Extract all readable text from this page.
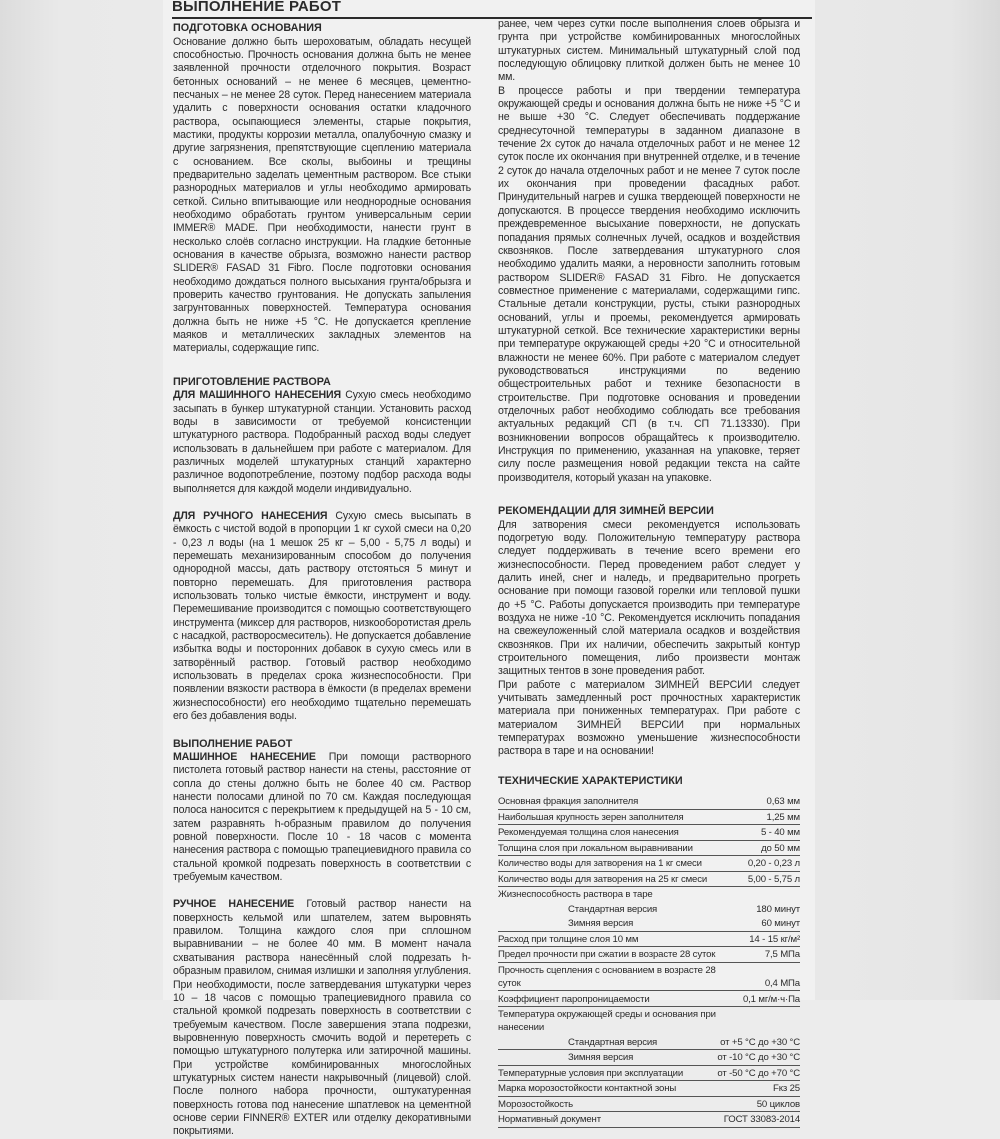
ВЫПОЛНЕНИЕ РАБОТ

ПОДГОТОВКА ОСНОВАНИЯ

Основание должно быть шероховатым, обладать несущей способностью. Прочность основания должна быть не менее заявленной прочности отделочного покрытия. Возраст бетонных оснований – не менее 6 месяцев, цементно-песчаных – не менее 28 суток. Перед нанесением материала удалить с поверхности основания остатки кладочного раствора, осыпающиеся элементы, старые покрытия, мастики, продукты коррозии металла, опалубочную смазку и другие загрязнения, препятствующие сцеплению материала с основанием. Все сколы, выбоины и трещины предварительно заделать цементным раствором. Все стыки разнородных материалов и углы необходимо армировать сеткой. Сильно впитывающие или неоднородные основания необходимо обработать грунтом универсальным серии IMMER® MADE. При необходимости, нанести грунт в несколько слоёв согласно инструкции. На гладкие бетонные основания в качестве обрызга, возможно нанести раствор SLIDER® FASAD 31 Fibro. После подготовки основания необходимо дождаться полного высыхания грунта/обрызга и проверить качество грунтования. Не допускать запыления загрунтованных поверхностей. Температура основания должна быть не ниже +5 °C. Не допускается крепление маяков и металлических закладных элементов на материалы, содержащие гипс.

ПРИГОТОВЛЕНИЕ РАСТВОРА

ДЛЯ МАШИННОГО НАНЕСЕНИЯ Сухую смесь необходимо засыпать в бункер штукатурной станции. Установить расход воды в зависимости от требуемой консистенции штукатурного раствора. Подобранный расход воды следует использовать в дальнейшем при работе с материалом. Для различных моделей штукатурных станций характерно различное водопотребление, поэтому подбор расхода воды выполняется для каждой модели индивидуально.

ДЛЯ РУЧНОГО НАНЕСЕНИЯ Сухую смесь высыпать в ёмкость с чистой водой в пропорции 1 кг сухой смеси на 0,20 - 0,23 л воды (на 1 мешок 25 кг – 5,00 - 5,75 л воды) и перемешать механизированным способом до получения однородной массы, дать раствору отстояться 5 минут и повторно перемешать. Для приготовления раствора использовать только чистые ёмкости, инструмент и воду. Перемешивание производится с помощью соответствующего инструмента (миксер для растворов, низкооборотистая дрель с насадкой, растворосмеситель). Не допускается добавление избытка воды и посторонних добавок в сухую смесь или в затворённый раствор. Готовый раствор необходимо использовать в пределах срока жизнеспособности. При появлении вязкости раствора в ёмкости (в пределах времени жизнеспособности) его необходимо тщательно перемешать его без добавления воды.

ВЫПОЛНЕНИЕ РАБОТ

МАШИННОЕ НАНЕСЕНИЕ При помощи растворного пистолета готовый раствор нанести на стены, расстояние от сопла до стены должно быть не более 40 см. Раствор нанести полосами длиной по 70 см. Каждая последующая полоса наносится с перекрытием к предыдущей на 5 - 10 см, затем разравнять h-образным правилом до получения ровной поверхности. После 10 - 18 часов с момента нанесения раствора с помощью трапециевидного правила со стальной кромкой подрезать поверхность в соответствии с требуемым качеством.

РУЧНОЕ НАНЕСЕНИЕ Готовый раствор нанести на поверхность кельмой или шпателем, затем выровнять правилом. Толщина каждого слоя при сплошном выравнивании – не более 40 мм. В момент начала схватывания раствора нанесённый слой подрезать h-образным правилом, снимая излишки и заполняя углубления. При необходимости, после затвердевания штукатурки через 10 – 18 часов с помощью трапециевидного правила со стальной кромкой подрезать поверхность в соответствии с требуемым качеством. После завершения этапа подрезки, выровненную поверхность смочить водой и перетереть с помощью штукатурного полутерка или затирочной машины. При устройстве комбинированных многослойных штукатурных систем нанести накрывочный (лицевой) слой. После полного набора прочности, оштукатуренная поверхность готова под нанесение шпатлевок на цементной основе серии FINNER® EXTER или отделку декоративными покрытиями.

ранее, чем через сутки после выполнения слоев обрызга и грунта при устройстве комбинированных многослойных штукатурных систем. Минимальный штукатурный слой под последующую облицовку плиткой должен быть не менее 10 мм.

В процессе работы и при твердении температура окружающей среды и основания должна быть не ниже +5 °C и не выше +30 °C. Следует обеспечивать поддержание среднесуточной температуры в заданном диапазоне в течение 2х суток до начала отделочных работ и не менее 12 суток после их окончания при внутренней отделке, и в течение 2 суток до начала отделочных работ и не менее 7 суток после их окончания при проведении фасадных работ. Принудительный нагрев и сушка твердеющей поверхности не допускаются. В процессе твердения необходимо исключить преждевременное высыхание поверхности, не допускать попадания прямых солнечных лучей, осадков и воздействия сквозняков. После затвердевания штукатурного слоя необходимо удалить маяки, а неровности заполнить готовым раствором SLIDER® FASAD 31 Fibro. Не допускается совместное применение с материалами, содержащими гипс. Стальные детали конструкции, русты, стыки разнородных оснований, углы и проемы, рекомендуется армировать штукатурной сеткой. Все технические характеристики верны при температуре окружающей среды +20 °C и относительной влажности не менее 60%. При работе с материалом следует руководствоваться инструкциями по ведению общестроительных работ и технике безопасности в строительстве. При подготовке основания и проведении отделочных работ необходимо соблюдать все требования актуальных редакций СП (в т.ч. СП 71.13330). При возникновении вопросов обращайтесь к производителю. Инструкция по применению, указанная на упаковке, теряет силу после размещения новой редакции текста на сайте производителя, который указан на упаковке.

РЕКОМЕНДАЦИИ ДЛЯ ЗИМНЕЙ ВЕРСИИ

Для затворения смеси рекомендуется использовать подогретую воду. Положительную температуру раствора следует поддерживать в течение всего времени его жизнеспособности. Перед проведением работ следует у далить иней, снег и наледь, и предварительно прогреть основание при помощи газовой горелки или тепловой пушки до +5 °C. Работы допускается производить при температуре воздуха не ниже -10 °C. Рекомендуется исключить попадания на свежеуложенный слой материала осадков и воздействия сквозняков. При их наличии, обеспечить закрытый контур строительного помещения, либо произвести монтаж защитных тентов в зоне проведения работ.

При работе с материалом ЗИМНЕЙ ВЕРСИИ следует учитывать замедленный рост прочностных характеристик материала при пониженных температурах. При работе с материалом ЗИМНЕЙ ВЕРСИИ при нормальных температурах возможно уменьшение жизнеспособности раствора в таре и на основании!

ТЕХНИЧЕСКИЕ ХАРАКТЕРИСТИКИ

Основная фракция заполнителя	0,63 мм
Наибольшая крупность зерен заполнителя	1,25 мм
Рекомендуемая толщина слоя нанесения	5 - 40 мм
Толщина слоя при локальном выравнивании	до 50 мм
Количество воды для затворения на 1 кг смеси	0,20 - 0,23 л
Количество воды для затворения на 25 кг смеси	5,00 - 5,75 л
Жизнеспособность раствора в таре	
Стандартная версия	180 минут
Зимняя версия	60 минут
Расход при толщине слоя 10 мм	14 - 15 кг/м²
Предел прочности при сжатии в возрасте 28 суток	7,5 МПа
Прочность сцепления с основанием в возрасте 28 суток	0,4 МПа
Коэффициент паропроницаемости	0,1 мг/м·ч·Па
Температура окружающей среды и основания при нанесении	
Стандартная версия	от +5 °C до +30 °C
Зимняя версия	от -10 °C до +30 °C
Температурные условия при эксплуатации	от -50 °C до +70 °C
Марка морозостойкости контактной зоны	Fкз 25
Морозостойкость	50 циклов
Нормативный документ	ГОСТ 33083-2014
